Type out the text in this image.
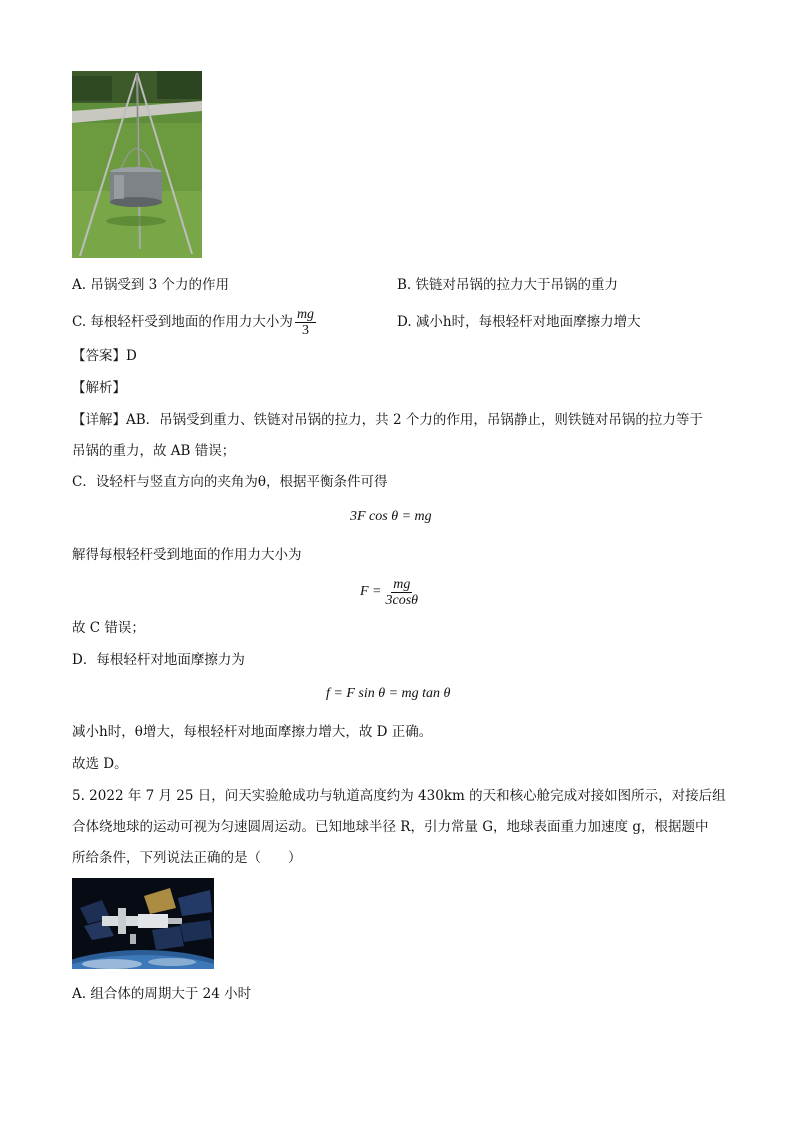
A. 吊锅受到 3 个力的作用	B. 铁链对吊锅的拉力大于吊锅的重力
C. 每根轻杆受到地面的作用力大小为 $\frac{mg}{3}$	D. 减小h时，每根轻杆对地面摩擦力增大
【答案】D
【解析】
【详解】AB．吊锅受到重力、铁链对吊锅的拉力，共 2 个力的作用，吊锅静止，则铁链对吊锅的拉力等于
吊锅的重力，故 AB 错误；
C．设轻杆与竖直方向的夹角为θ，根据平衡条件可得
3F cos θ = mg
解得每根轻杆受到地面的作用力大小为
$F = \frac{mg}{3\cos\theta}$
故 C 错误；
D．每根轻杆对地面摩擦力为
f = F sin θ = mg tan θ
减小h时，θ增大，每根轻杆对地面摩擦力增大，故 D 正确。
故选 D。
5. 2022 年 7 月 25 日，问天实验舱成功与轨道高度约为 430km 的天和核心舱完成对接如图所示，对接后组
合体绕地球的运动可视为匀速圆周运动。已知地球半径 R，引力常量 G，地球表面重力加速度 g，根据题中
所给条件，下列说法正确的是（　　）
A. 组合体的周期大于 24 小时
